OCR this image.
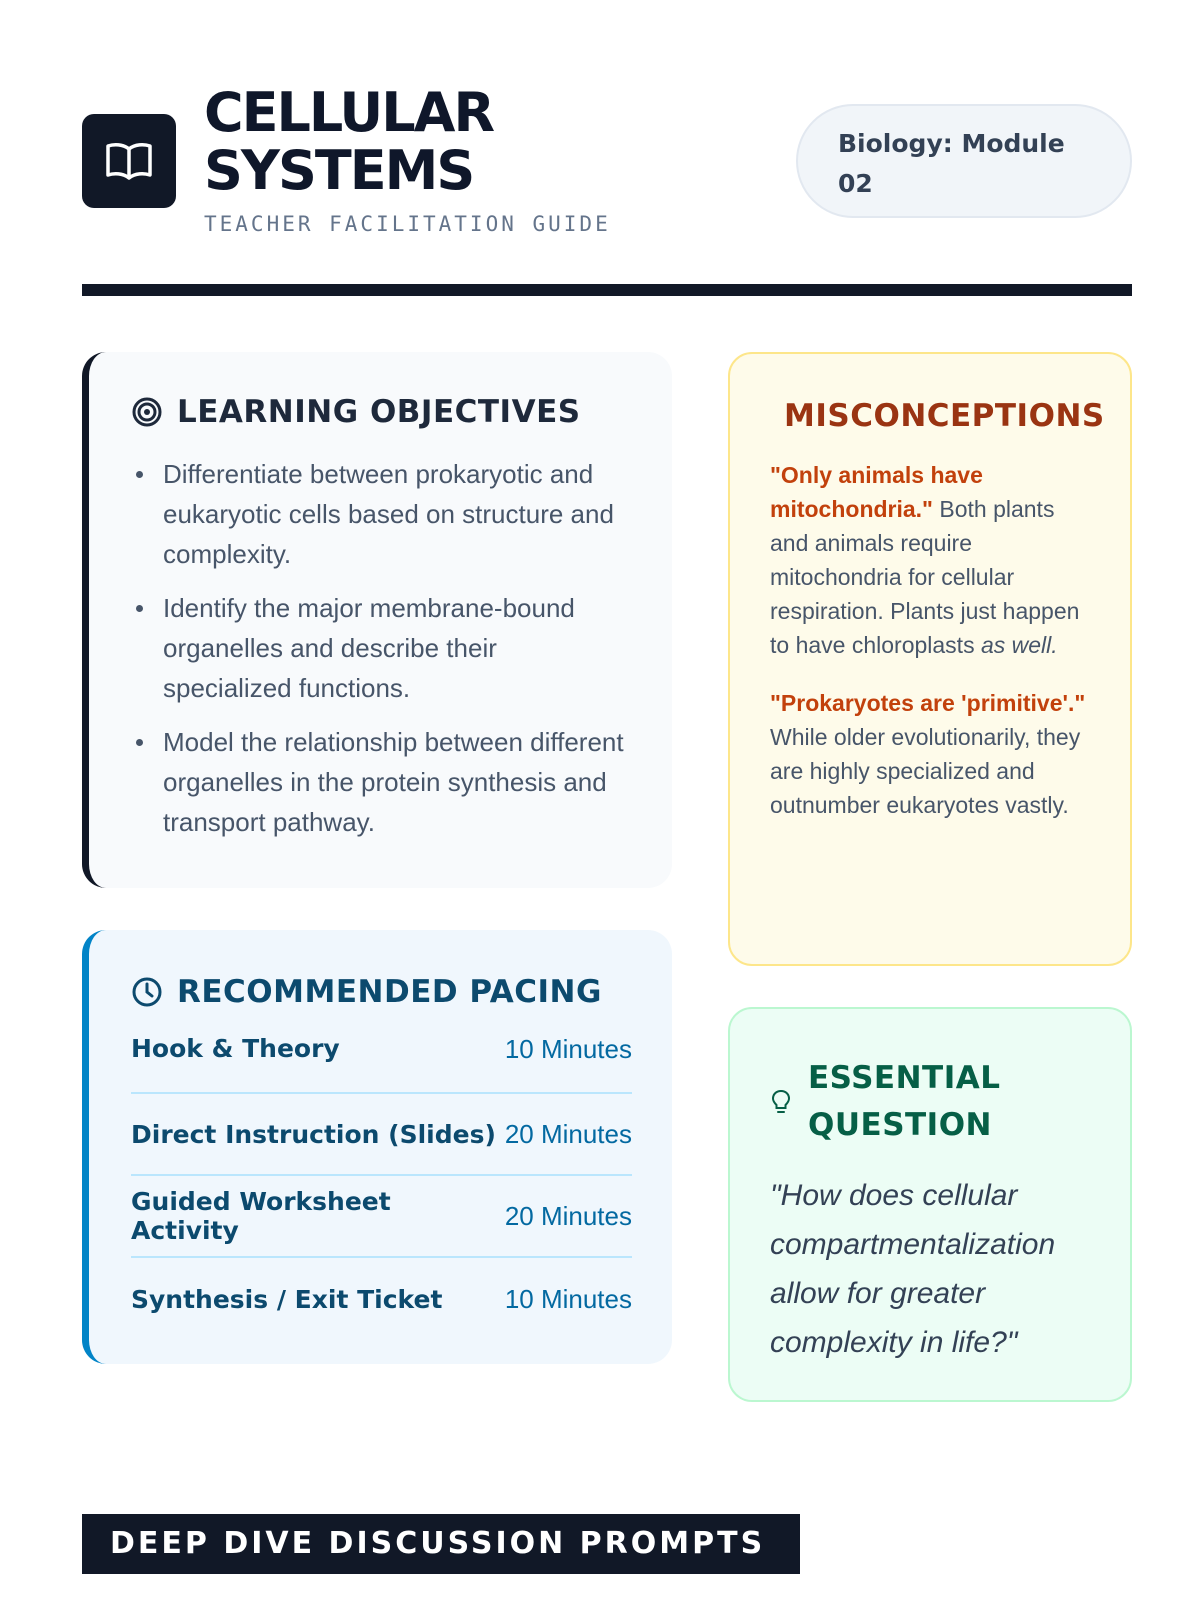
CELLULAR
SYSTEMS
TEACHER FACILITATION GUIDE
Biology: Module 02
LEARNING OBJECTIVES
Differentiate between prokaryotic and eukaryotic cells based on structure and complexity.
Identify the major membrane-bound organelles and describe their specialized functions.
Model the relationship between different organelles in the protein synthesis and transport pathway.
RECOMMENDED PACING
Hook & Theory	10 Minutes
Direct Instruction (Slides) 20 Minutes
Guided Worksheet Activity	20 Minutes
Synthesis / Exit Ticket 10 Minutes
MISCONCEPTIONS

"Only animals have mitochondria." Both plants and animals require mitochondria for cellular respiration. Plants just happen to have chloroplasts as well.

"Prokaryotes are 'primitive'." While older evolutionarily, they are highly specialized and outnumber eukaryotes vastly.

ESSENTIAL
QUESTION

"How does cellular compartmentalization allow for greater complexity in life?"

DEEP DIVE DISCUSSION PROMPTS
